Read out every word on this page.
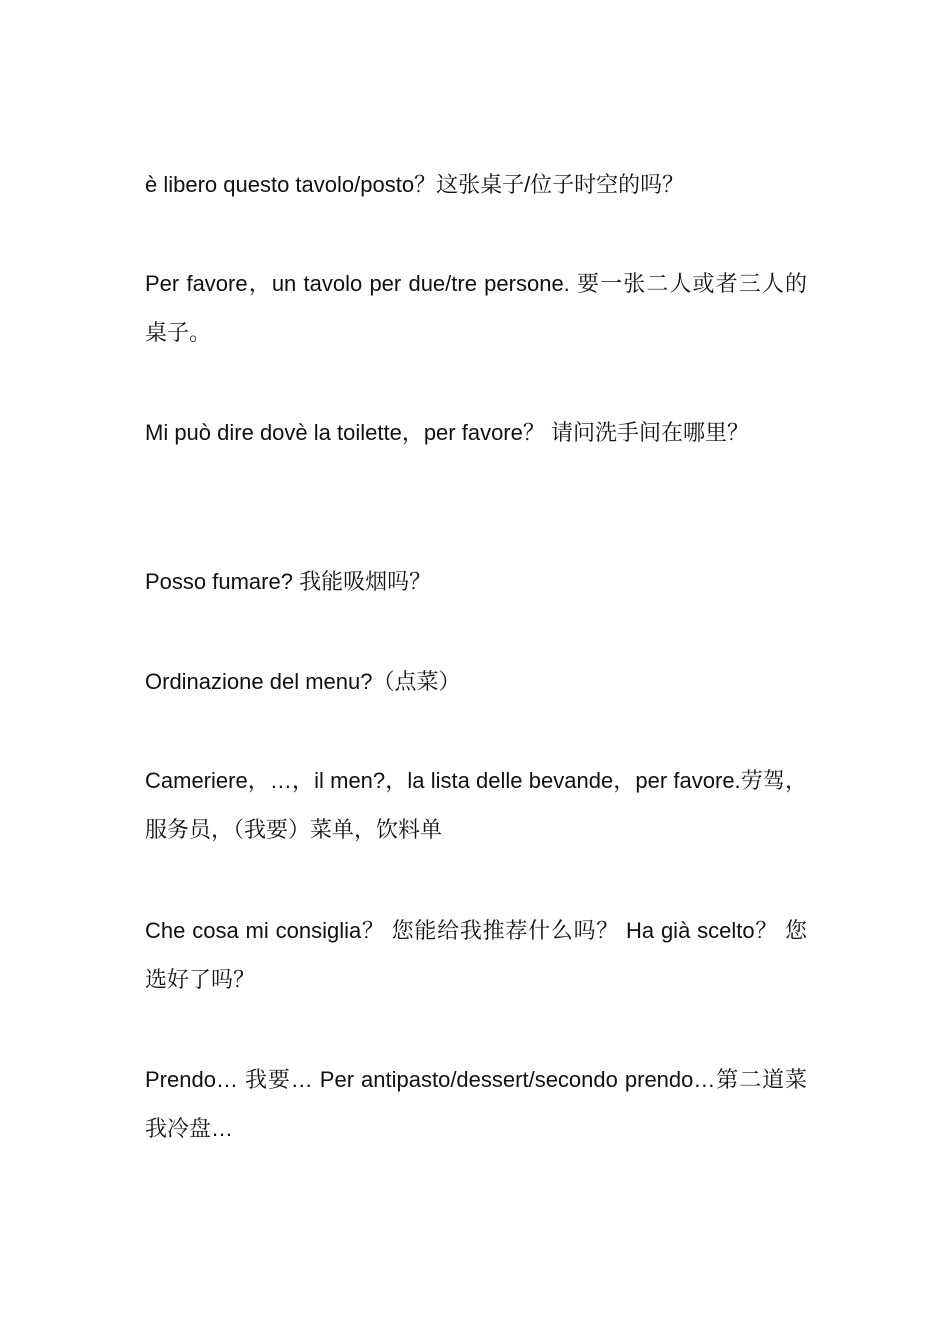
è libero questo tavolo/posto？这张桌子/位子时空的吗？
Per favore，un tavolo per due/tre persone. 要一张二人或者三人的桌子。
Mi può dire dovè la toilette，per favore？ 请问洗手间在哪里？
Posso fumare? 我能吸烟吗？
Ordinazione del menu?（点菜）
Cameriere，…，il men?，la lista delle bevande，per favore.劳驾，服务员，（我要）菜单，饮料单
Che cosa mi consiglia？ 您能给我推荐什么吗？ Ha già scelto？ 您选好了吗？
Prendo… 我要… Per antipasto/dessert/secondo prendo…第二道菜我冷盘…
